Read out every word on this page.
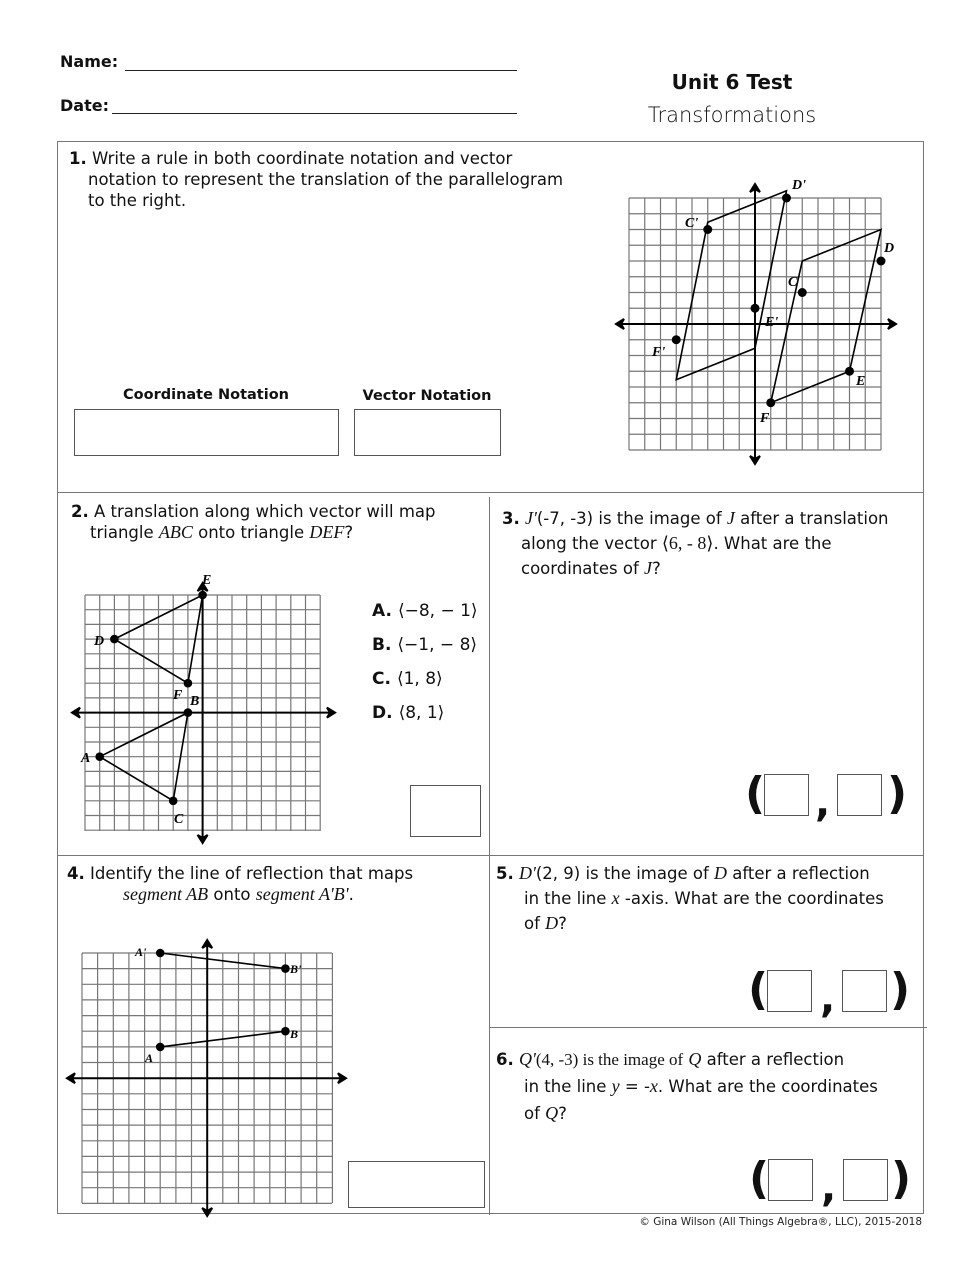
Name:
Date:
Unit 6 Test
Transformations
1. Write a rule in both coordinate notation and vector
notation to represent the translation of the parallelogram
to the right.
Coordinate Notation	Vector Notation
C
D
E
F
C'
D'
E'
F'
2. A translation along which vector will map
triangle ABC onto triangle DEF?
A
B
C
D
E
F
A. ⟨−8, − 1⟩
B. ⟨−1, − 8⟩
C. ⟨1, 8⟩
D. ⟨8, 1⟩
3. J'(-7, -3) is the image of J after a translation
along the vector ⟨6, - 8⟩. What are the
coordinates of J?
( , )
4. Identify the line of reflection that maps
segment AB onto segment A'B'.
A
B
A'
B'
5. D'(2, 9) is the image of D after a reflection
in the line x -axis. What are the coordinates
of D?
( , )
6. Q'(4, -3) is the image of Q after a reflection
in the line y = -x. What are the coordinates
of Q?
( , )
© Gina Wilson (All Things Algebra®, LLC), 2015-2018
